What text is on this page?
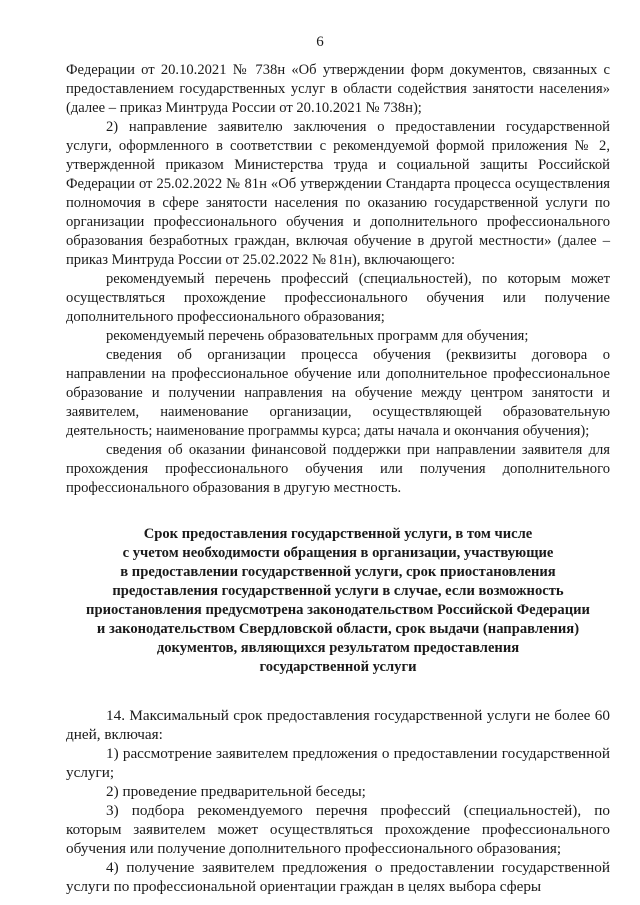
6

Федерации от 20.10.2021 № 738н «Об утверждении форм документов, связанных с предоставлением государственных услуг в области содействия занятости населения» (далее – приказ Минтруда России от 20.10.2021 № 738н);

2) направление заявителю заключения о предоставлении государственной услуги, оформленного в соответствии с рекомендуемой формой приложения № 2, утвержденной приказом Министерства труда и социальной защиты Российской Федерации от 25.02.2022 № 81н «Об утверждении Стандарта процесса осуществления полномочия в сфере занятости населения по оказанию государственной услуги по организации профессионального обучения и дополнительного профессионального образования безработных граждан, включая обучение в другой местности» (далее – приказ Минтруда России от 25.02.2022 № 81н), включающего:

рекомендуемый перечень профессий (специальностей), по которым может осуществляться прохождение профессионального обучения или получение дополнительного профессионального образования;

рекомендуемый перечень образовательных программ для обучения;

сведения об организации процесса обучения (реквизиты договора о направлении на профессиональное обучение или дополнительное профессиональное образование и получении направления на обучение между центром занятости и заявителем, наименование организации, осуществляющей образовательную деятельность; наименование программы курса; даты начала и окончания обучения);

сведения об оказании финансовой поддержки при направлении заявителя для прохождения профессионального обучения или получения дополнительного профессионального образования в другую местность.

Срок предоставления государственной услуги, в том числе
с учетом необходимости обращения в организации, участвующие
в предоставлении государственной услуги, срок приостановления
предоставления государственной услуги в случае, если возможность
приостановления предусмотрена законодательством Российской Федерации
и законодательством Свердловской области, срок выдачи (направления)
документов, являющихся результатом предоставления
государственной услуги

14. Максимальный срок предоставления государственной услуги не более 60 дней, включая:

1) рассмотрение заявителем предложения о предоставлении государственной услуги;

2) проведение предварительной беседы;

3) подбора рекомендуемого перечня профессий (специальностей), по которым заявителем может осуществляться прохождение профессионального обучения или получение дополнительного профессионального образования;

4) получение заявителем предложения о предоставлении государственной услуги по профессиональной ориентации граждан в целях выбора сферы
